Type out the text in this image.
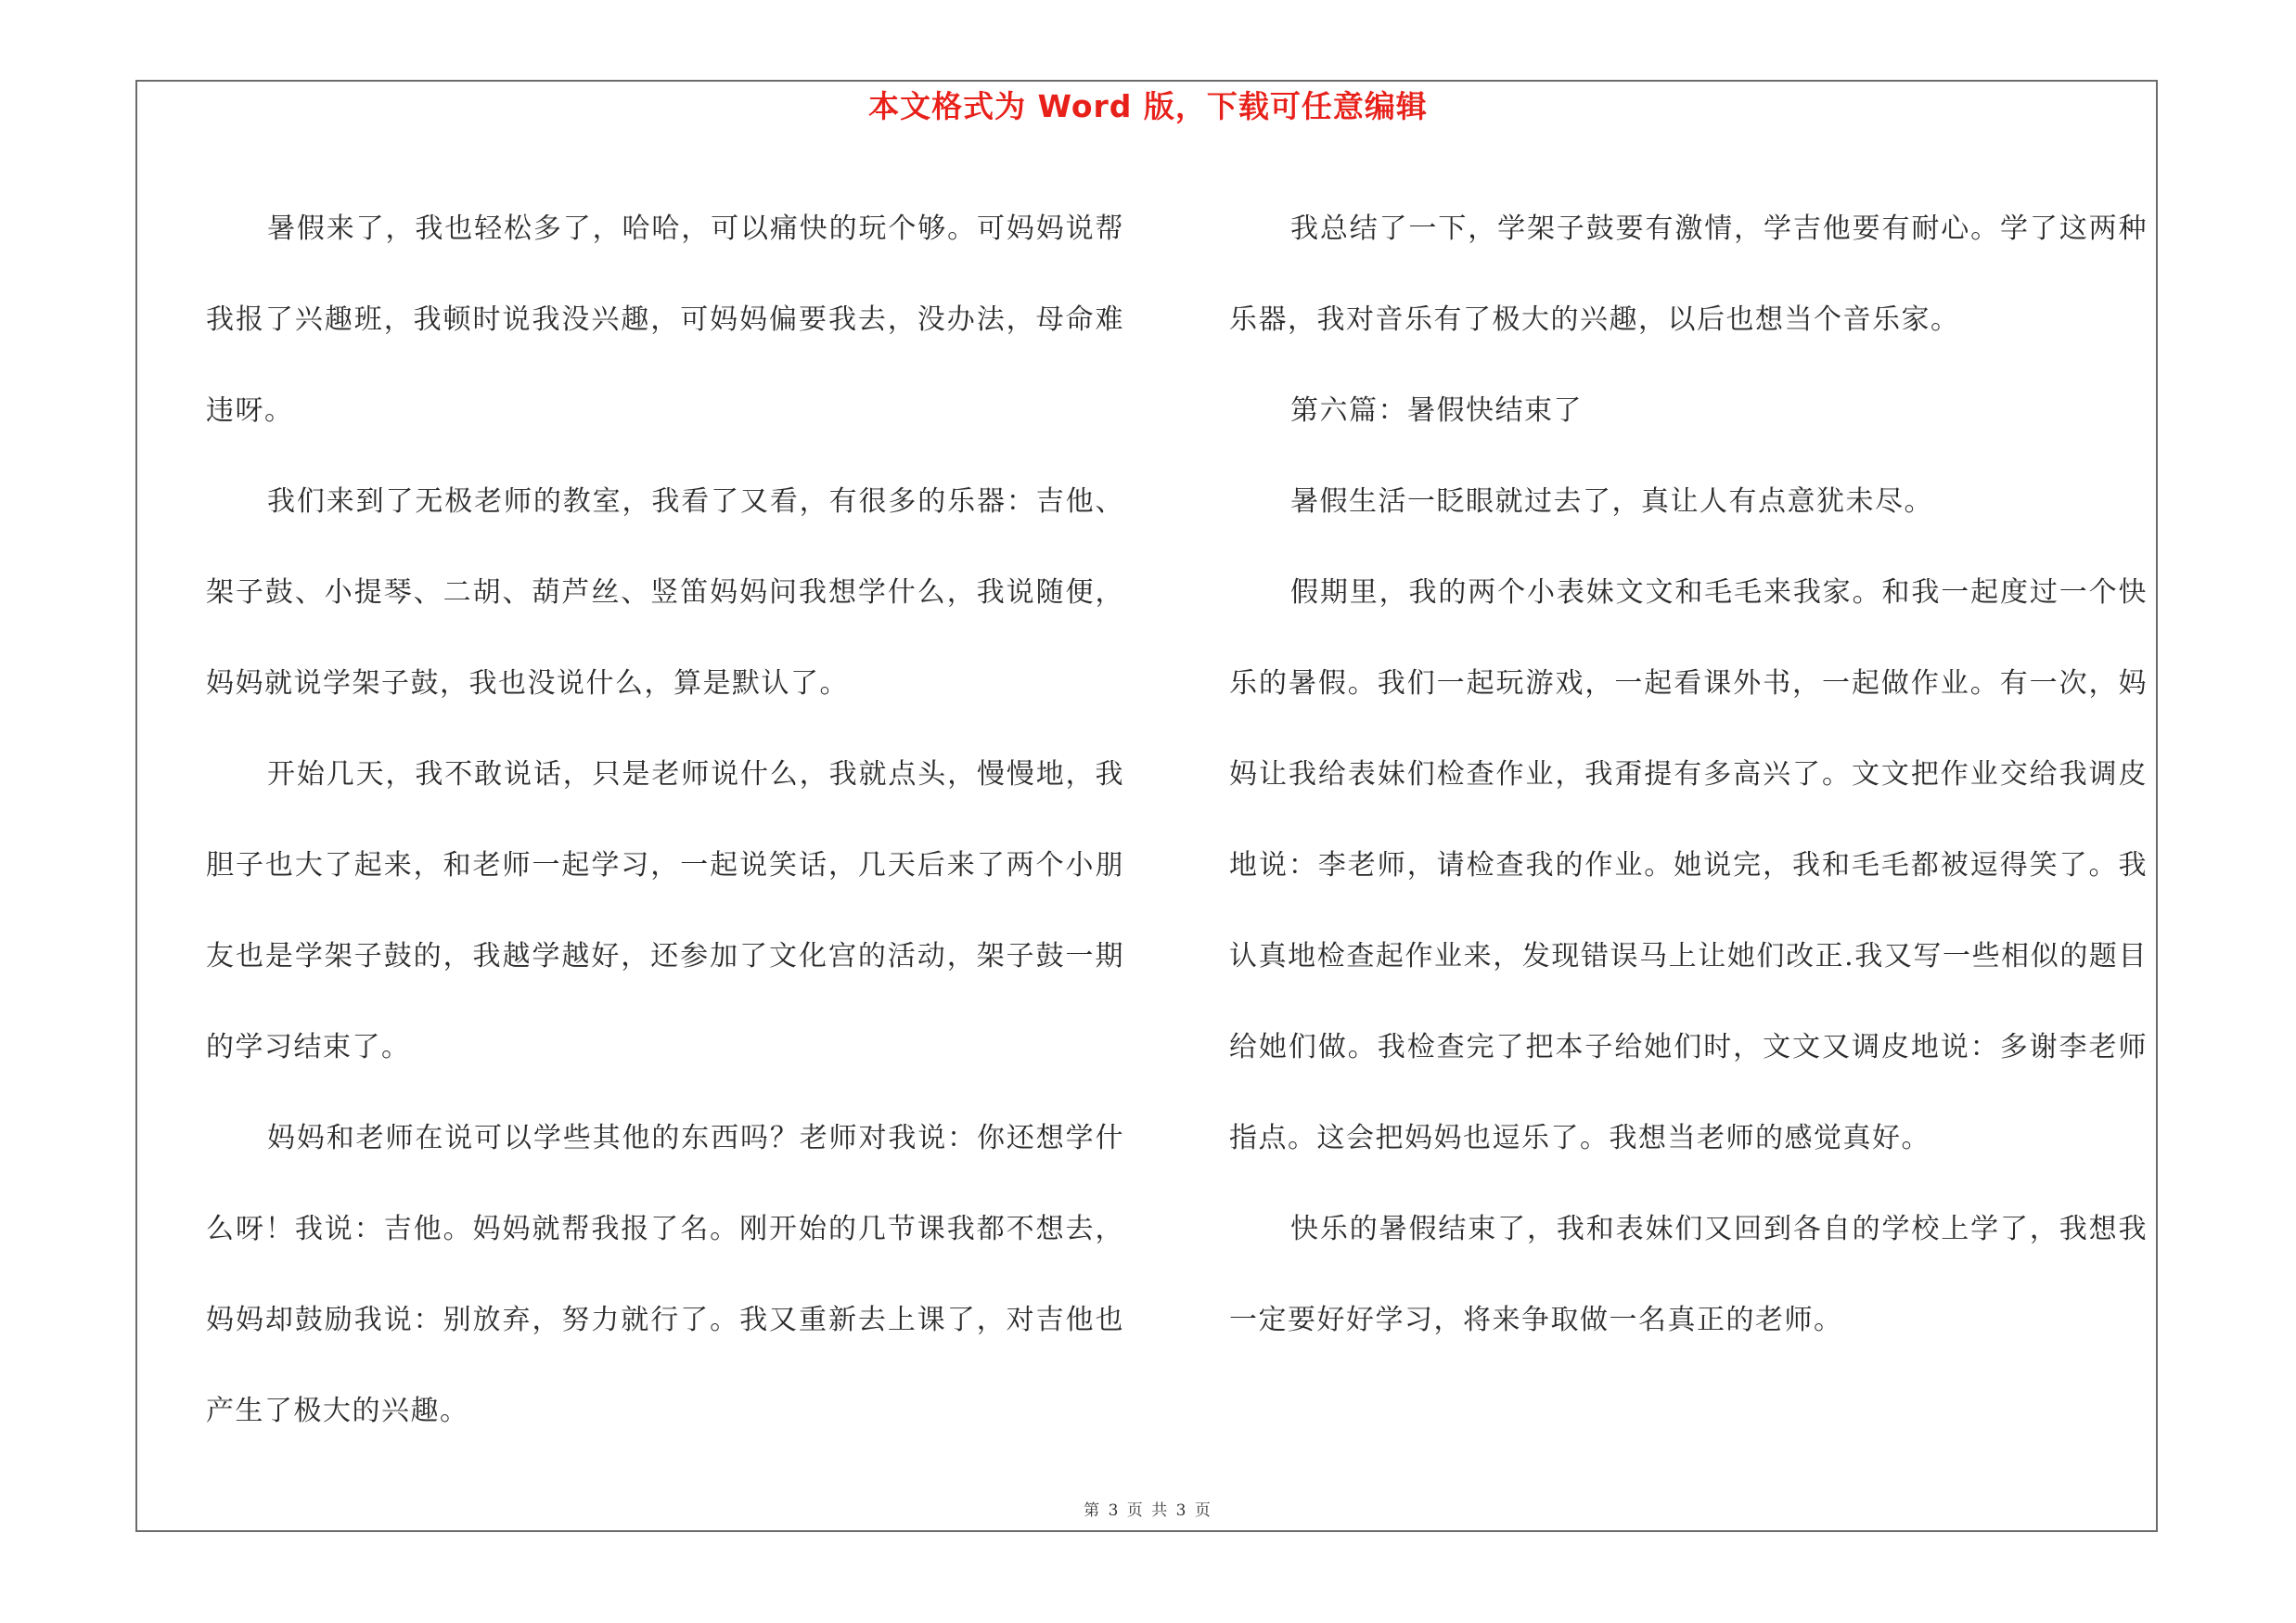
本文格式为 Word 版，下载可任意编辑

暑假来了，我也轻松多了，哈哈，可以痛快的玩个够。可妈妈说帮我报了兴趣班，我顿时说我没兴趣，可妈妈偏要我去，没办法，母命难违呀。

我们来到了无极老师的教室，我看了又看，有很多的乐器：吉他、架子鼓、小提琴、二胡、葫芦丝、竖笛妈妈问我想学什么，我说随便，妈妈就说学架子鼓，我也没说什么，算是默认了。

开始几天，我不敢说话，只是老师说什么，我就点头，慢慢地，我胆子也大了起来，和老师一起学习，一起说笑话，几天后来了两个小朋友也是学架子鼓的，我越学越好，还参加了文化宫的活动，架子鼓一期的学习结束了。

妈妈和老师在说可以学些其他的东西吗？老师对我说：你还想学什么呀！我说：吉他。妈妈就帮我报了名。刚开始的几节课我都不想去，妈妈却鼓励我说：别放弃，努力就行了。我又重新去上课了，对吉他也产生了极大的兴趣。

我总结了一下，学架子鼓要有激情，学吉他要有耐心。学了这两种乐器，我对音乐有了极大的兴趣，以后也想当个音乐家。

第六篇：暑假快结束了

暑假生活一眨眼就过去了，真让人有点意犹未尽。

假期里，我的两个小表妹文文和毛毛来我家。和我一起度过一个快乐的暑假。我们一起玩游戏，一起看课外书，一起做作业。有一次，妈妈让我给表妹们检查作业，我甭提有多高兴了。文文把作业交给我调皮地说：李老师，请检查我的作业。她说完，我和毛毛都被逗得笑了。我认真地检查起作业来，发现错误马上让她们改正.我又写一些相似的题目给她们做。我检查完了把本子给她们时，文文又调皮地说：多谢李老师指点。这会把妈妈也逗乐了。我想当老师的感觉真好。

快乐的暑假结束了，我和表妹们又回到各自的学校上学了，我想我一定要好好学习，将来争取做一名真正的老师。

第 3 页 共 3 页
